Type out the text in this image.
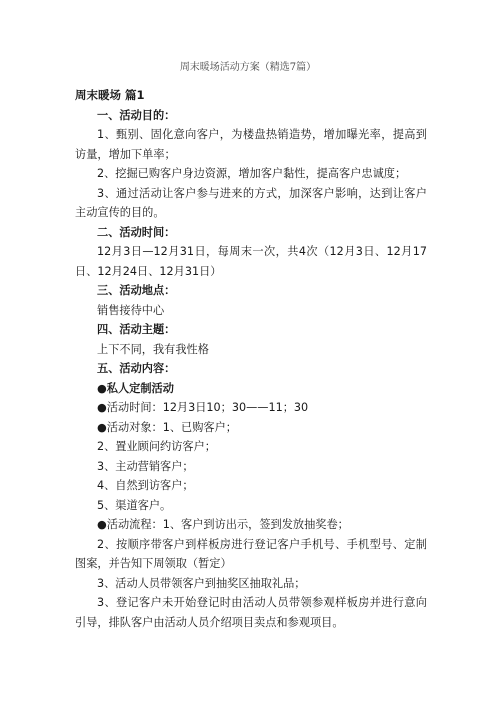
周末暖场活动方案（精选7篇）

周末暖场 篇1

一、活动目的：

1、甄别、固化意向客户，为楼盘热销造势，增加曝光率，提高到访量，增加下单率；

2、挖掘已购客户身边资源，增加客户黏性，提高客户忠诚度；

3、通过活动让客户参与进来的方式，加深客户影响，达到让客户主动宣传的目的。

二、活动时间：

12月3日—12月31日，每周末一次，共4次（12月3日、12月17日、12月24日、12月31日）

三、活动地点：

销售接待中心

四、活动主题：

上下不同，我有我性格

五、活动内容：

●私人定制活动

●活动时间：12月3日10；30——11；30

●活动对象：1、已购客户；

2、置业顾问约访客户；

3、主动营销客户；

4、自然到访客户；

5、渠道客户。

●活动流程：1、客户到访出示，签到发放抽奖卷；

2、按顺序带客户到样板房进行登记客户手机号、手机型号、定制图案，并告知下周领取（暂定）

3、活动人员带领客户到抽奖区抽取礼品；

3、登记客户未开始登记时由活动人员带领参观样板房并进行意向引导，排队客户由活动人员介绍项目卖点和参观项目。
